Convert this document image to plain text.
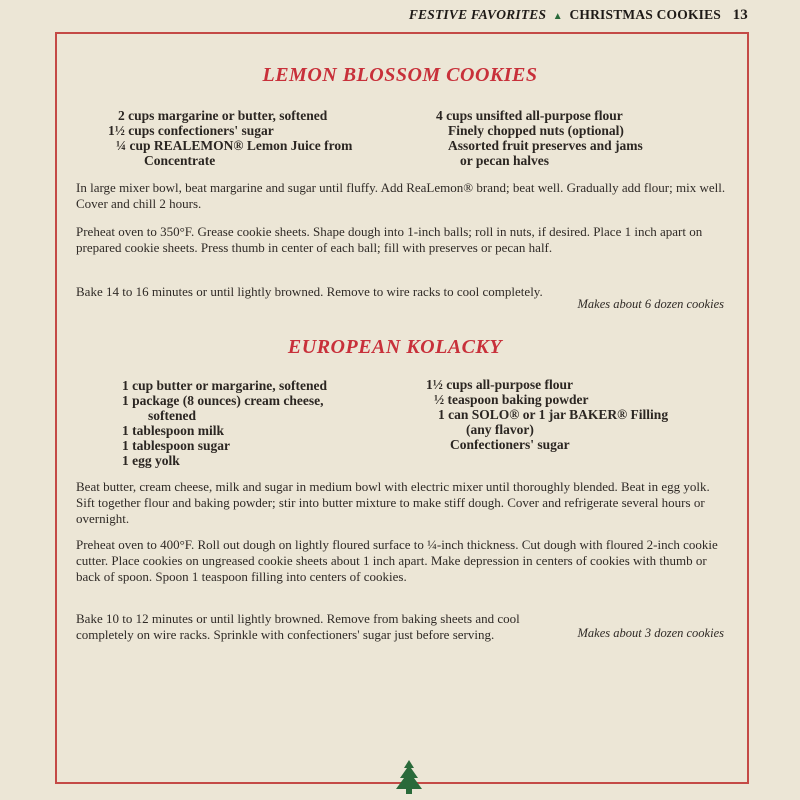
FESTIVE FAVORITES ▲ CHRISTMAS COOKIES 13
LEMON BLOSSOM COOKIES
2 cups margarine or butter, softened
1½ cups confectioners' sugar
¼ cup REALEMON® Lemon Juice from
Concentrate
4 cups unsifted all-purpose flour
Finely chopped nuts (optional)
Assorted fruit preserves and jams
or pecan halves
In large mixer bowl, beat margarine and sugar until fluffy. Add ReaLemon® brand; beat well. Gradually add flour; mix well. Cover and chill 2 hours.
Preheat oven to 350°F. Grease cookie sheets. Shape dough into 1-inch balls; roll in nuts, if desired. Place 1 inch apart on prepared cookie sheets. Press thumb in center of each ball; fill with preserves or pecan half.
Bake 14 to 16 minutes or until lightly browned. Remove to wire racks to cool completely.
Makes about 6 dozen cookies
EUROPEAN KOLACKY
1 cup butter or margarine, softened
1 package (8 ounces) cream cheese,
softened
1 tablespoon milk
1 tablespoon sugar
1 egg yolk
1½ cups all-purpose flour
½ teaspoon baking powder
1 can SOLO® or 1 jar BAKER® Filling
(any flavor)
Confectioners' sugar
Beat butter, cream cheese, milk and sugar in medium bowl with electric mixer until thoroughly blended. Beat in egg yolk. Sift together flour and baking powder; stir into butter mixture to make stiff dough. Cover and refrigerate several hours or overnight.
Preheat oven to 400°F. Roll out dough on lightly floured surface to ¼-inch thickness. Cut dough with floured 2-inch cookie cutter. Place cookies on ungreased cookie sheets about 1 inch apart. Make depression in centers of cookies with thumb or back of spoon. Spoon 1 teaspoon filling into centers of cookies.
Bake 10 to 12 minutes or until lightly browned. Remove from baking sheets and cool completely on wire racks. Sprinkle with confectioners' sugar just before serving.	Makes about 3 dozen cookies
